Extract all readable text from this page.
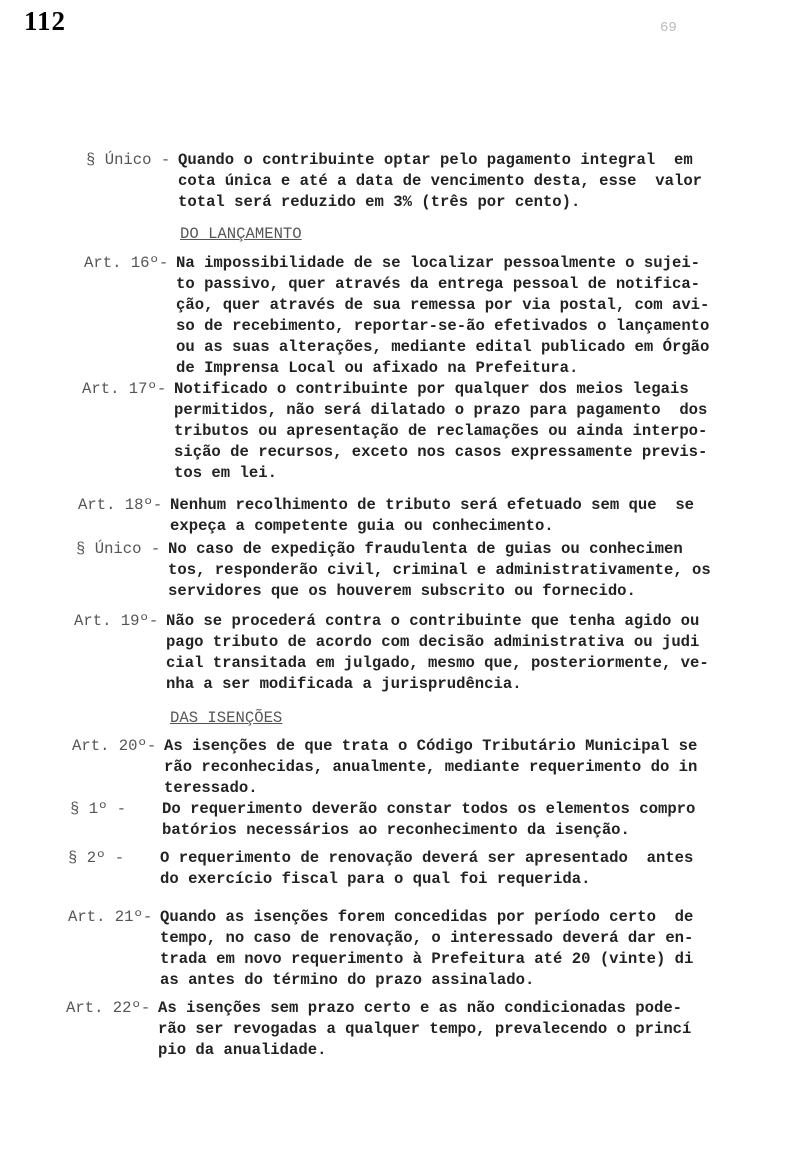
112	69
§ Único - Quando o contribuinte optar pelo pagamento integral  em
cota única e até a data de vencimento desta, esse  valor
total será reduzido em 3% (três por cento).
DO LANÇAMENTO
Art. 16º- Na impossibilidade de se localizar pessoalmente o sujei-
to passivo, quer através da entrega pessoal de notifica-
ção, quer através de sua remessa por via postal, com avi-
so de recebimento, reportar-se-ão efetivados o lançamento
ou as suas alterações, mediante edital publicado em Órgão
de Imprensa Local ou afixado na Prefeitura.
Art. 17º- Notificado o contribuinte por qualquer dos meios legais
permitidos, não será dilatado o prazo para pagamento  dos
tributos ou apresentação de reclamações ou ainda interpo-
sição de recursos, exceto nos casos expressamente previs-
tos em lei.
Art. 18º- Nenhum recolhimento de tributo será efetuado sem que  se
expeça a competente guia ou conhecimento.
§ Único - No caso de expedição fraudulenta de guias ou conhecimen
tos, responderão civil, criminal e administrativamente, os
servidores que os houverem subscrito ou fornecido.
Art. 19º- Não se procederá contra o contribuinte que tenha agido ou
pago tributo de acordo com decisão administrativa ou judi
cial transitada em julgado, mesmo que, posteriormente, ve-
nha a ser modificada a jurisprudência.
DAS ISENÇÕES
Art. 20º- As isenções de que trata o Código Tributário Municipal se
rão reconhecidas, anualmente, mediante requerimento do in
teressado.
§ 1º - Do requerimento deverão constar todos os elementos compro
batórios necessários ao reconhecimento da isenção.
§ 2º - O requerimento de renovação deverá ser apresentado  antes
do exercício fiscal para o qual foi requerida.
Art. 21º- Quando as isenções forem concedidas por período certo  de
tempo, no caso de renovação, o interessado deverá dar en-
trada em novo requerimento à Prefeitura até 20 (vinte) di
as antes do término do prazo assinalado.
Art. 22º- As isenções sem prazo certo e as não condicionadas pode-
rão ser revogadas a qualquer tempo, prevalecendo o princí
pio da anualidade.
